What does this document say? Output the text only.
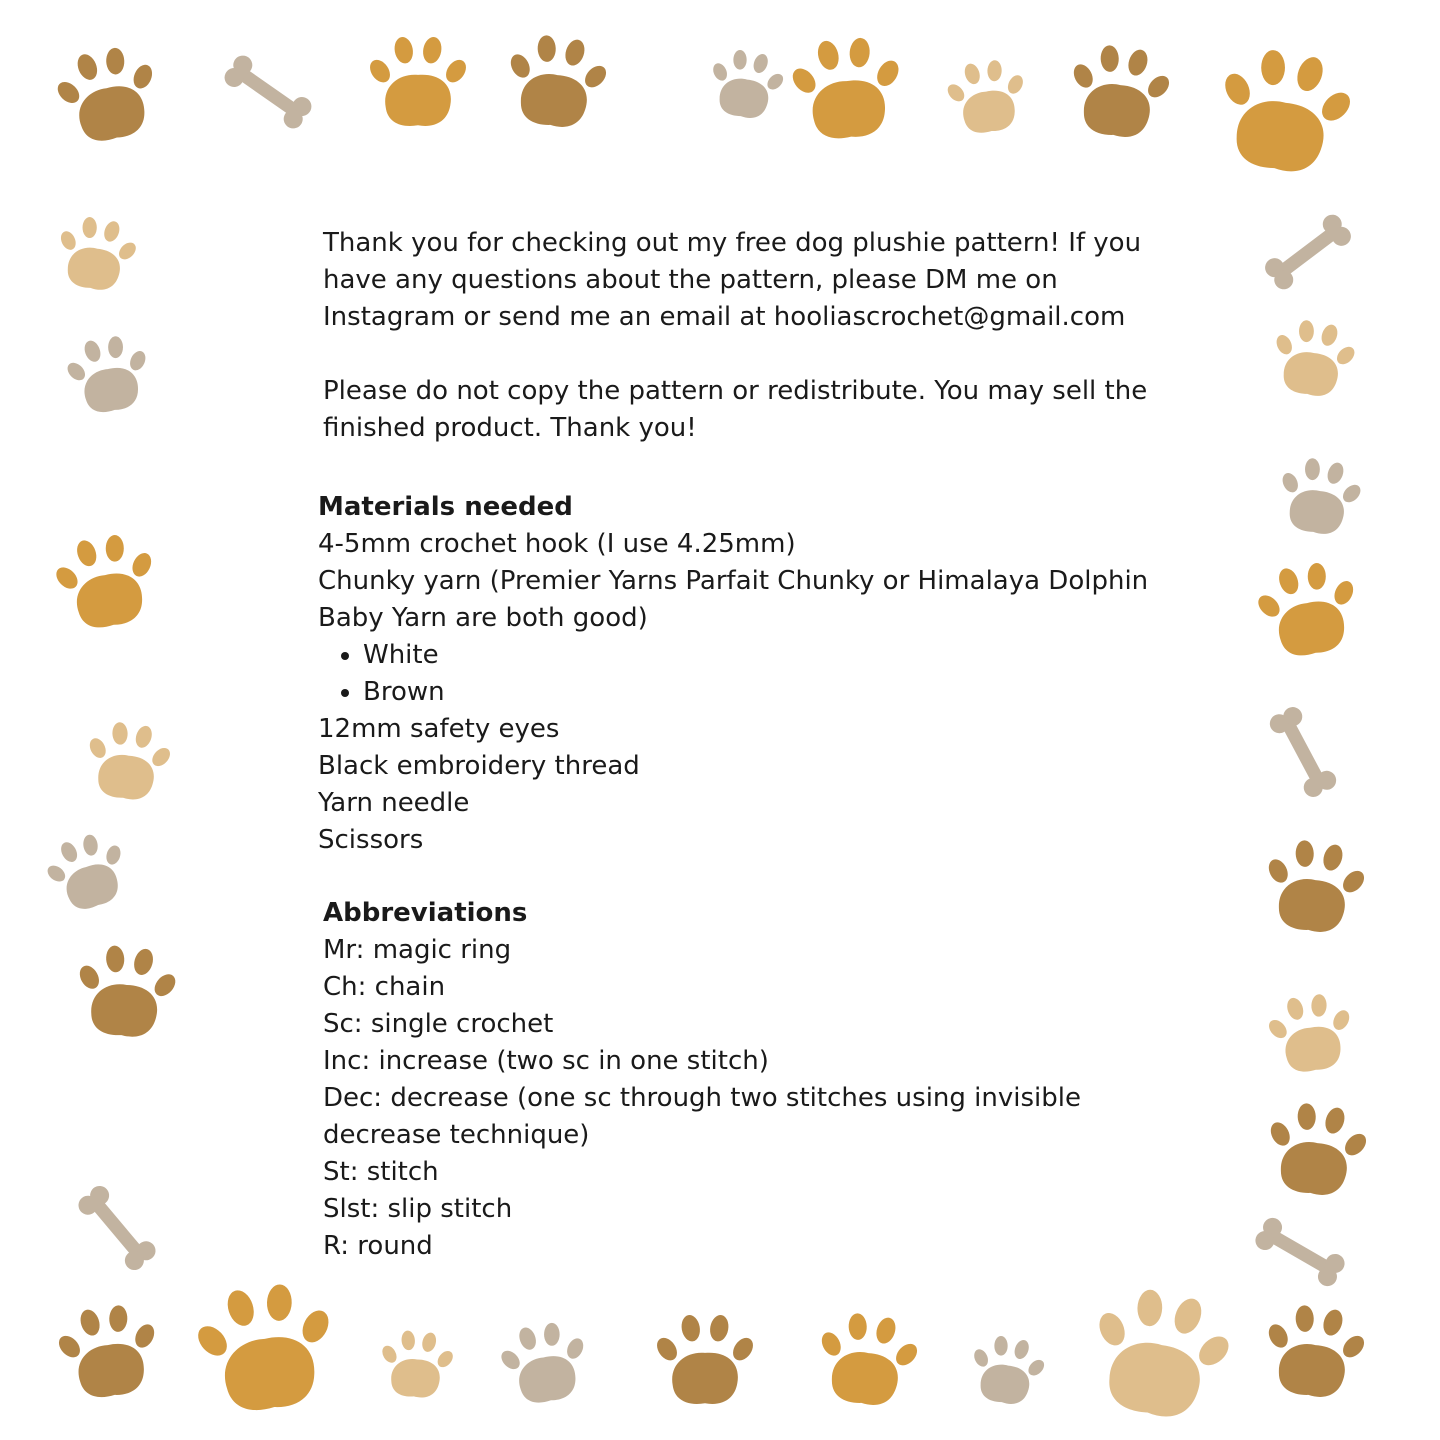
Thank you for checking out my free dog plushie pattern! If you have any questions about the pattern, please DM me on Instagram or send me an email at hooliascrochet@gmail.com

Please do not copy the pattern or redistribute. You may sell the finished product. Thank you!

Materials needed

4-5mm crochet hook (I use 4.25mm)

Chunky yarn (Premier Yarns Parfait Chunky or Himalaya Dolphin Baby Yarn are both good)

• White
• Brown

12mm safety eyes

Black embroidery thread

Yarn needle

Scissors

Abbreviations

Mr: magic ring

Ch: chain

Sc: single crochet

Inc: increase (two sc in one stitch)

Dec: decrease (one sc through two stitches using invisible decrease technique)

St: stitch

Slst: slip stitch

R: round
